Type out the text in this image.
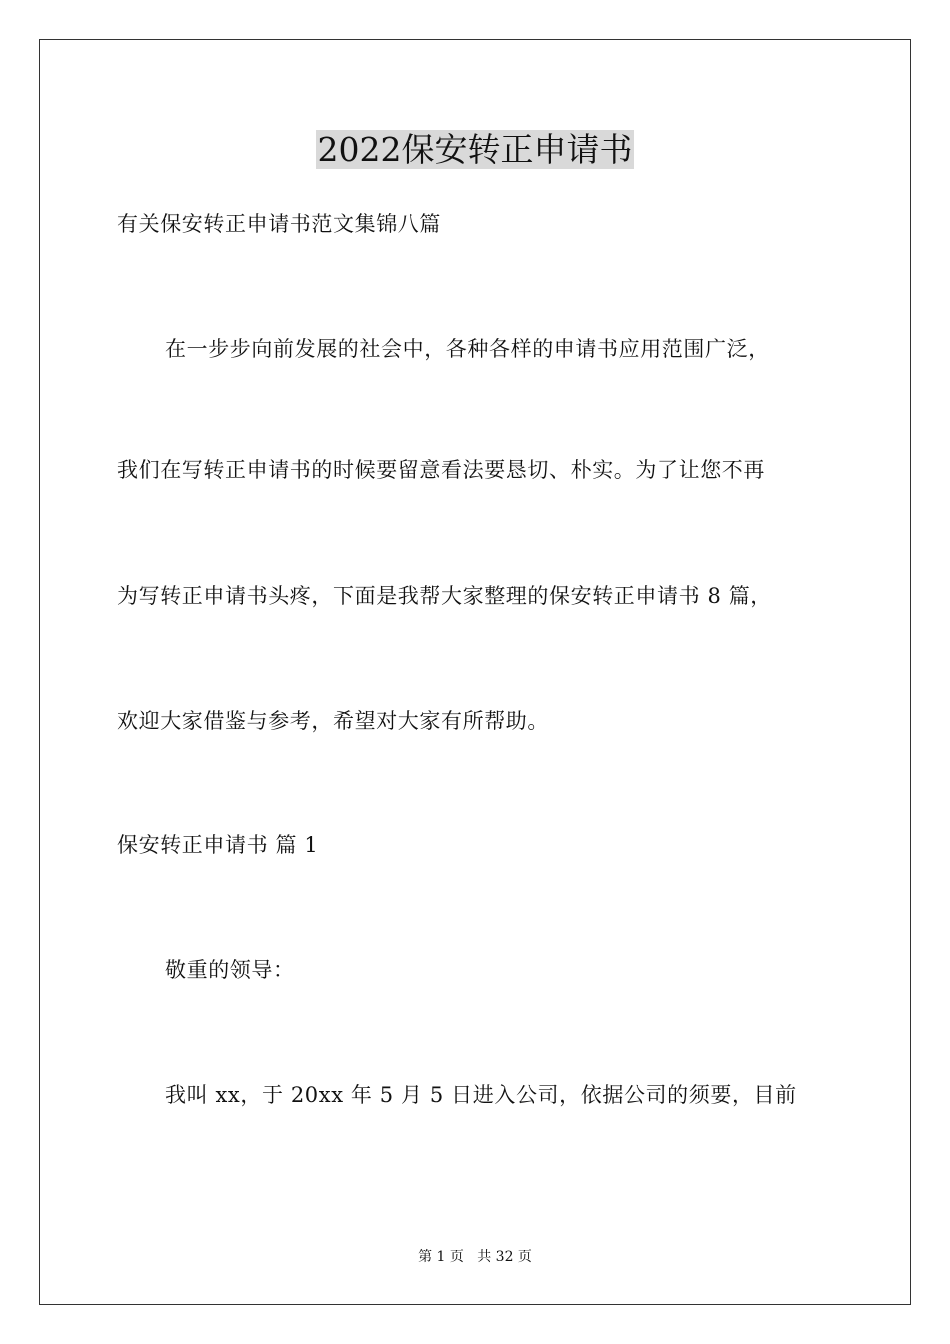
2022保安转正申请书
有关保安转正申请书范文集锦八篇
在一步步向前发展的社会中，各种各样的申请书应用范围广泛，
我们在写转正申请书的时候要留意看法要恳切、朴实。为了让您不再
为写转正申请书头疼，下面是我帮大家整理的保安转正申请书 8 篇，
欢迎大家借鉴与参考，希望对大家有所帮助。
保安转正申请书 篇 1
敬重的领导：
我叫 xx，于 20xx 年 5 月 5 日进入公司，依据公司的须要，目前
第 1 页   共 32 页
